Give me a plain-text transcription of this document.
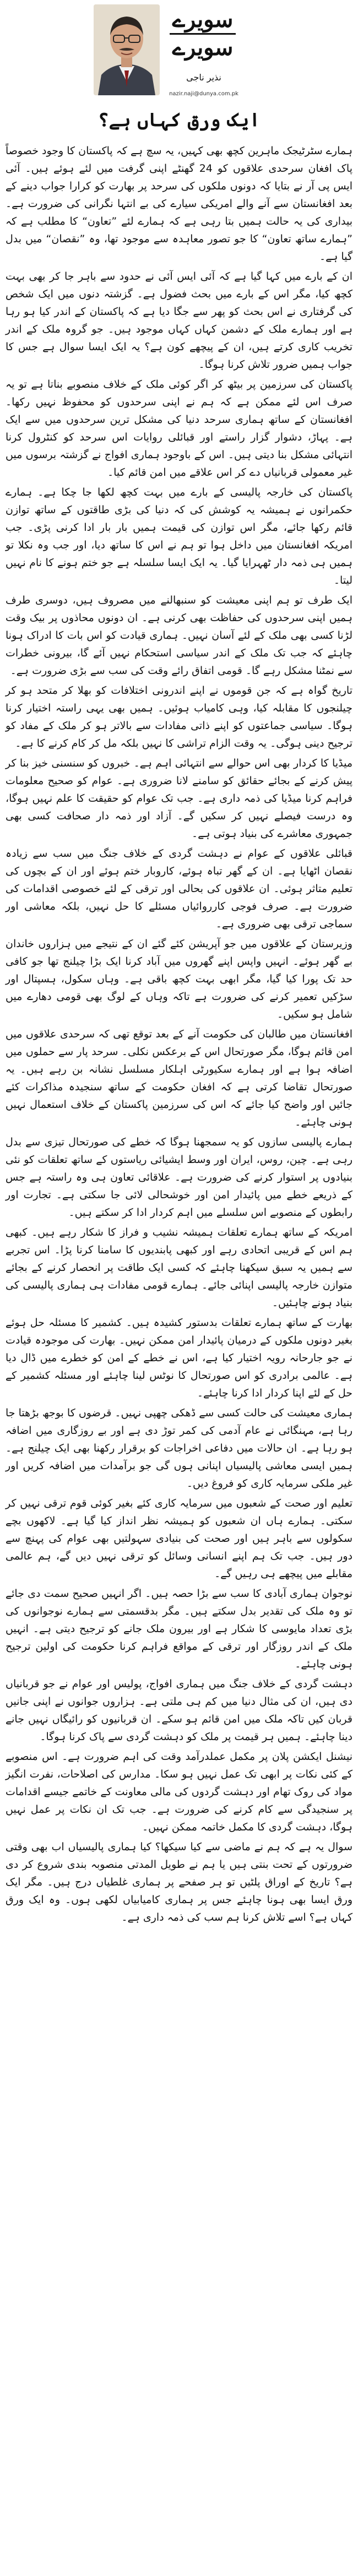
سویرے
سویرے
نذیر ناجی
nazir.naji@dunya.com.pk
ایک ورق کہاں ہے؟

ہمارے سٹرٹیجک ماہرین کچھ بھی کہیں، یہ سچ ہے کہ پاکستان کا وجود خصوصاً پاک افغان سرحدی علاقوں کو 24 گھنٹے اپنی گرفت میں لئے ہوئے ہیں۔ آئی ایس پی آر نے بتایا کہ دونوں ملکوں کی سرحد پر بھارت کو کرارا جواب دینے کے بعد افغانستان سے آنے والے امریکی سیارے کی بے انتہا نگرانی کی ضرورت ہے۔ بیداری کی یہ حالت ہمیں بتا رہی ہے کہ ہمارے لئے ”تعاون“ کا مطلب ہے کہ ”ہمارے ساتھ تعاون“ کا جو تصور معاہدہ سے موجود تھا، وہ ”نقصان“ میں بدل گیا ہے۔

ان کے بارے میں کہا گیا ہے کہ آئی ایس آئی نے حدود سے باہر جا کر بھی بہت کچھ کیا، مگر اس کے بارے میں بحث فضول ہے۔ گزشتہ دنوں میں ایک شخص کی گرفتاری نے اس بحث کو پھر سے جگا دیا ہے کہ پاکستان کے اندر کیا ہو رہا ہے اور ہمارے ملک کے دشمن کہاں کہاں موجود ہیں۔ جو گروہ ملک کے اندر تخریب کاری کرتے ہیں، ان کے پیچھے کون ہے؟ یہ ایک ایسا سوال ہے جس کا جواب ہمیں ضرور تلاش کرنا ہوگا۔

پاکستان کی سرزمین پر بیٹھ کر اگر کوئی ملک کے خلاف منصوبے بناتا ہے تو یہ صرف اس لئے ممکن ہے کہ ہم نے اپنی سرحدوں کو محفوظ نہیں رکھا۔ افغانستان کے ساتھ ہماری سرحد دنیا کی مشکل ترین سرحدوں میں سے ایک ہے۔ پہاڑ، دشوار گزار راستے اور قبائلی روایات اس سرحد کو کنٹرول کرنا انتہائی مشکل بنا دیتی ہیں۔ اس کے باوجود ہماری افواج نے گزشتہ برسوں میں غیر معمولی قربانیاں دے کر اس علاقے میں امن قائم کیا۔

پاکستان کی خارجہ پالیسی کے بارے میں بہت کچھ لکھا جا چکا ہے۔ ہمارے حکمرانوں نے ہمیشہ یہ کوشش کی کہ دنیا کی بڑی طاقتوں کے ساتھ توازن قائم رکھا جائے، مگر اس توازن کی قیمت ہمیں بار بار ادا کرنی پڑی۔ جب امریکہ افغانستان میں داخل ہوا تو ہم نے اس کا ساتھ دیا، اور جب وہ نکلا تو ہمیں ہی ذمہ دار ٹھہرایا گیا۔ یہ ایک ایسا سلسلہ ہے جو ختم ہونے کا نام نہیں لیتا۔

ایک طرف تو ہم اپنی معیشت کو سنبھالنے میں مصروف ہیں، دوسری طرف ہمیں اپنی سرحدوں کی حفاظت بھی کرنی ہے۔ ان دونوں محاذوں پر بیک وقت لڑنا کسی بھی ملک کے لئے آسان نہیں۔ ہماری قیادت کو اس بات کا ادراک ہونا چاہئے کہ جب تک ملک کے اندر سیاسی استحکام نہیں آئے گا، بیرونی خطرات سے نمٹنا مشکل رہے گا۔ قومی اتفاق رائے وقت کی سب سے بڑی ضرورت ہے۔

تاریخ گواہ ہے کہ جن قوموں نے اپنے اندرونی اختلافات کو بھلا کر متحد ہو کر چیلنجوں کا مقابلہ کیا، وہی کامیاب ہوئیں۔ ہمیں بھی یہی راستہ اختیار کرنا ہوگا۔ سیاسی جماعتوں کو اپنے ذاتی مفادات سے بالاتر ہو کر ملک کے مفاد کو ترجیح دینی ہوگی۔ یہ وقت الزام تراشی کا نہیں بلکہ مل کر کام کرنے کا ہے۔

میڈیا کا کردار بھی اس حوالے سے انتہائی اہم ہے۔ خبروں کو سنسنی خیز بنا کر پیش کرنے کے بجائے حقائق کو سامنے لانا ضروری ہے۔ عوام کو صحیح معلومات فراہم کرنا میڈیا کی ذمہ داری ہے۔ جب تک عوام کو حقیقت کا علم نہیں ہوگا، وہ درست فیصلے نہیں کر سکیں گے۔ آزاد اور ذمہ دار صحافت کسی بھی جمہوری معاشرے کی بنیاد ہوتی ہے۔

قبائلی علاقوں کے عوام نے دہشت گردی کے خلاف جنگ میں سب سے زیادہ نقصان اٹھایا ہے۔ ان کے گھر تباہ ہوئے، کاروبار ختم ہوئے اور ان کے بچوں کی تعلیم متاثر ہوئی۔ ان علاقوں کی بحالی اور ترقی کے لئے خصوصی اقدامات کی ضرورت ہے۔ صرف فوجی کارروائیاں مسئلے کا حل نہیں، بلکہ معاشی اور سماجی ترقی بھی ضروری ہے۔

وزیرستان کے علاقوں میں جو آپریشن کئے گئے ان کے نتیجے میں ہزاروں خاندان بے گھر ہوئے۔ انہیں واپس اپنے گھروں میں آباد کرنا ایک بڑا چیلنج تھا جو کافی حد تک پورا کیا گیا، مگر ابھی بہت کچھ باقی ہے۔ وہاں سکول، ہسپتال اور سڑکیں تعمیر کرنے کی ضرورت ہے تاکہ وہاں کے لوگ بھی قومی دھارے میں شامل ہو سکیں۔

افغانستان میں طالبان کی حکومت آنے کے بعد توقع تھی کہ سرحدی علاقوں میں امن قائم ہوگا، مگر صورتحال اس کے برعکس نکلی۔ سرحد پار سے حملوں میں اضافہ ہوا ہے اور ہمارے سکیورٹی اہلکار مسلسل نشانہ بن رہے ہیں۔ یہ صورتحال تقاضا کرتی ہے کہ افغان حکومت کے ساتھ سنجیدہ مذاکرات کئے جائیں اور واضح کیا جائے کہ اس کی سرزمین پاکستان کے خلاف استعمال نہیں ہونی چاہئے۔

ہمارے پالیسی سازوں کو یہ سمجھنا ہوگا کہ خطے کی صورتحال تیزی سے بدل رہی ہے۔ چین، روس، ایران اور وسط ایشیائی ریاستوں کے ساتھ تعلقات کو نئی بنیادوں پر استوار کرنے کی ضرورت ہے۔ علاقائی تعاون ہی وہ راستہ ہے جس کے ذریعے خطے میں پائیدار امن اور خوشحالی لائی جا سکتی ہے۔ تجارت اور رابطوں کے منصوبے اس سلسلے میں اہم کردار ادا کر سکتے ہیں۔

امریکہ کے ساتھ ہمارے تعلقات ہمیشہ نشیب و فراز کا شکار رہے ہیں۔ کبھی ہم اس کے قریبی اتحادی رہے اور کبھی پابندیوں کا سامنا کرنا پڑا۔ اس تجربے سے ہمیں یہ سبق سیکھنا چاہئے کہ کسی ایک طاقت پر انحصار کرنے کے بجائے متوازن خارجہ پالیسی اپنائی جائے۔ ہمارے قومی مفادات ہی ہماری پالیسی کی بنیاد ہونے چاہئیں۔

بھارت کے ساتھ ہمارے تعلقات بدستور کشیدہ ہیں۔ کشمیر کا مسئلہ حل ہوئے بغیر دونوں ملکوں کے درمیان پائیدار امن ممکن نہیں۔ بھارت کی موجودہ قیادت نے جو جارحانہ رویہ اختیار کیا ہے، اس نے خطے کے امن کو خطرے میں ڈال دیا ہے۔ عالمی برادری کو اس صورتحال کا نوٹس لینا چاہئے اور مسئلہ کشمیر کے حل کے لئے اپنا کردار ادا کرنا چاہئے۔

ہماری معیشت کی حالت کسی سے ڈھکی چھپی نہیں۔ قرضوں کا بوجھ بڑھتا جا رہا ہے، مہنگائی نے عام آدمی کی کمر توڑ دی ہے اور بے روزگاری میں اضافہ ہو رہا ہے۔ ان حالات میں دفاعی اخراجات کو برقرار رکھنا بھی ایک چیلنج ہے۔ ہمیں ایسی معاشی پالیسیاں اپنانی ہوں گی جو برآمدات میں اضافہ کریں اور غیر ملکی سرمایہ کاری کو فروغ دیں۔

تعلیم اور صحت کے شعبوں میں سرمایہ کاری کئے بغیر کوئی قوم ترقی نہیں کر سکتی۔ ہمارے ہاں ان شعبوں کو ہمیشہ نظر انداز کیا گیا ہے۔ لاکھوں بچے سکولوں سے باہر ہیں اور صحت کی بنیادی سہولتیں بھی عوام کی پہنچ سے دور ہیں۔ جب تک ہم اپنے انسانی وسائل کو ترقی نہیں دیں گے، ہم عالمی مقابلے میں پیچھے ہی رہیں گے۔

نوجوان ہماری آبادی کا سب سے بڑا حصہ ہیں۔ اگر انہیں صحیح سمت دی جائے تو وہ ملک کی تقدیر بدل سکتے ہیں۔ مگر بدقسمتی سے ہمارے نوجوانوں کی بڑی تعداد مایوسی کا شکار ہے اور بیرون ملک جانے کو ترجیح دیتی ہے۔ انہیں ملک کے اندر روزگار اور ترقی کے مواقع فراہم کرنا حکومت کی اولین ترجیح ہونی چاہئے۔

دہشت گردی کے خلاف جنگ میں ہماری افواج، پولیس اور عوام نے جو قربانیاں دی ہیں، ان کی مثال دنیا میں کم ہی ملتی ہے۔ ہزاروں جوانوں نے اپنی جانیں قربان کیں تاکہ ملک میں امن قائم ہو سکے۔ ان قربانیوں کو رائیگاں نہیں جانے دینا چاہئے۔ ہمیں ہر قیمت پر ملک کو دہشت گردی سے پاک کرنا ہوگا۔

نیشنل ایکشن پلان پر مکمل عملدرآمد وقت کی اہم ضرورت ہے۔ اس منصوبے کے کئی نکات پر ابھی تک عمل نہیں ہو سکا۔ مدارس کی اصلاحات، نفرت انگیز مواد کی روک تھام اور دہشت گردوں کی مالی معاونت کے خاتمے جیسے اقدامات پر سنجیدگی سے کام کرنے کی ضرورت ہے۔ جب تک ان نکات پر عمل نہیں ہوگا، دہشت گردی کا مکمل خاتمہ ممکن نہیں۔

سوال یہ ہے کہ ہم نے ماضی سے کیا سیکھا؟ کیا ہماری پالیسیاں اب بھی وقتی ضرورتوں کے تحت بنتی ہیں یا ہم نے طویل المدتی منصوبہ بندی شروع کر دی ہے؟ تاریخ کے اوراق پلٹیں تو ہر صفحے پر ہماری غلطیاں درج ہیں۔ مگر ایک ورق ایسا بھی ہونا چاہئے جس پر ہماری کامیابیاں لکھی ہوں۔ وہ ایک ورق کہاں ہے؟ اسے تلاش کرنا ہم سب کی ذمہ داری ہے۔
